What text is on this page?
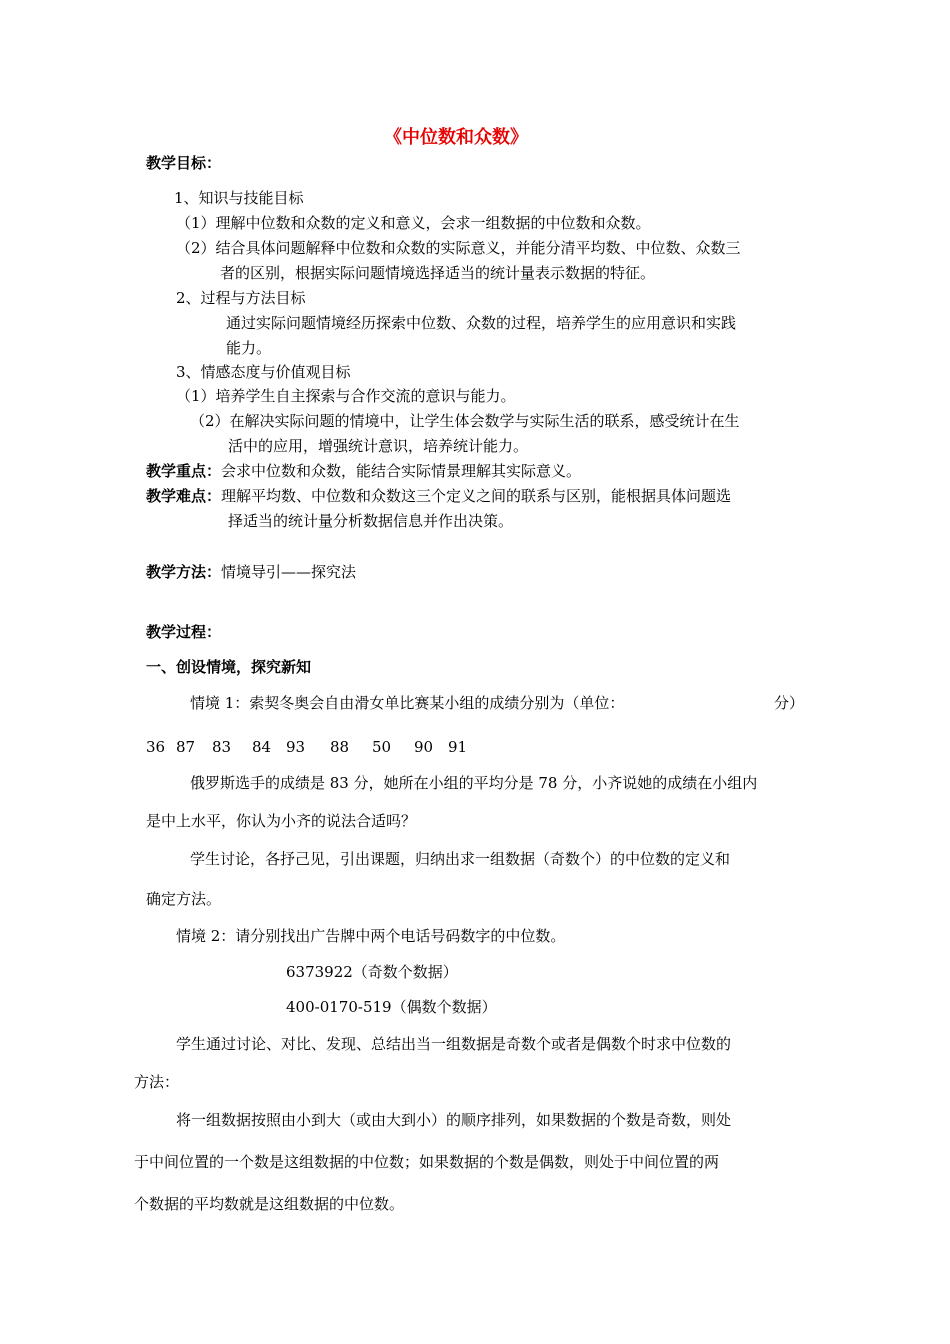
《中位数和众数》
教学目标：
1、知识与技能目标
（1）理解中位数和众数的定义和意义，会求一组数据的中位数和众数。
（2）结合具体问题解释中位数和众数的实际意义，并能分清平均数、中位数、众数三
者的区别，根据实际问题情境选择适当的统计量表示数据的特征。
2、过程与方法目标
通过实际问题情境经历探索中位数、众数的过程，培养学生的应用意识和实践
能力。
3、情感态度与价值观目标
（1）培养学生自主探索与合作交流的意识与能力。
（2）在解决实际问题的情境中，让学生体会数学与实际生活的联系，感受统计在生
活中的应用，增强统计意识，培养统计能力。
教学重点：会求中位数和众数，能结合实际情景理解其实际意义。
教学难点：理解平均数、中位数和众数这三个定义之间的联系与区别，能根据具体问题选
择适当的统计量分析数据信息并作出决策。
教学方法：情境导引——探究法
教学过程：
一、创设情境，探究新知
情境 1：索契冬奥会自由滑女单比赛某小组的成绩分别为（单位：	分）
36 87 83 84 93 88 50 90 91
俄罗斯选手的成绩是 83 分，她所在小组的平均分是 78 分，小齐说她的成绩在小组内
是中上水平，你认为小齐的说法合适吗？
学生讨论，各抒己见，引出课题，归纳出求一组数据（奇数个）的中位数的定义和
确定方法。
情境 2：请分别找出广告牌中两个电话号码数字的中位数。
6373922（奇数个数据）
400-0170-519（偶数个数据）
学生通过讨论、对比、发现、总结出当一组数据是奇数个或者是偶数个时求中位数的
方法：
将一组数据按照由小到大（或由大到小）的顺序排列，如果数据的个数是奇数，则处
于中间位置的一个数是这组数据的中位数；如果数据的个数是偶数，则处于中间位置的两
个数据的平均数就是这组数据的中位数。
